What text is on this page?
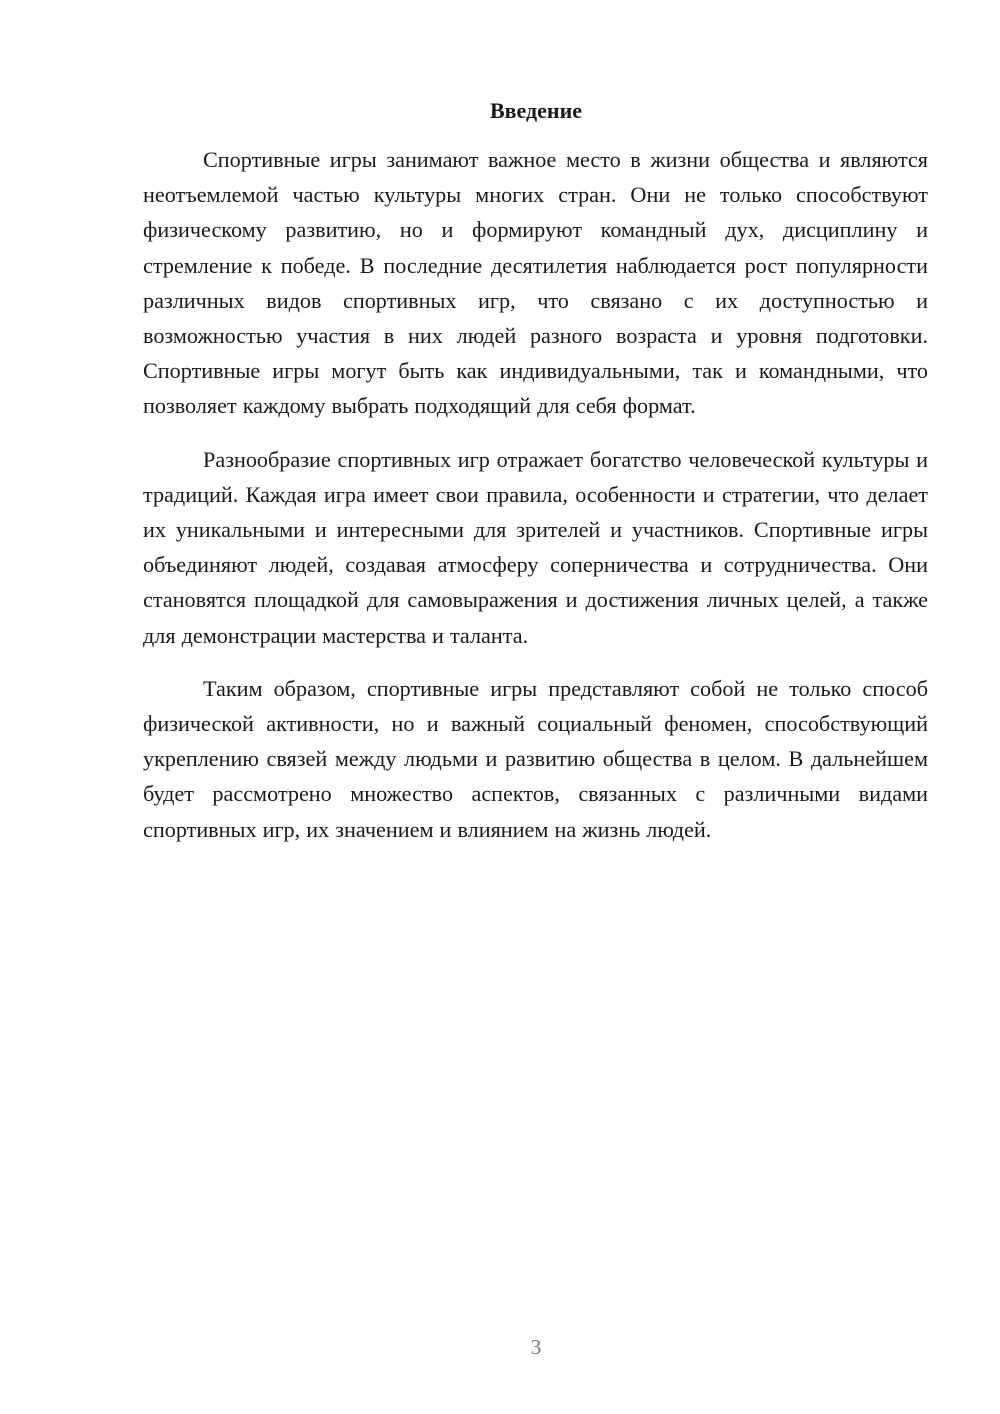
Введение

Спортивные игры занимают важное место в жизни общества и являются неотъемлемой частью культуры многих стран. Они не только способствуют физическому развитию, но и формируют командный дух, дисциплину и стремление к победе. В последние десятилетия наблюдается рост популярности различных видов спортивных игр, что связано с их доступностью и возможностью участия в них людей разного возраста и уровня подготовки. Спортивные игры могут быть как индивидуальными, так и командными, что позволяет каждому выбрать подходящий для себя формат.

Разнообразие спортивных игр отражает богатство человеческой культуры и традиций. Каждая игра имеет свои правила, особенности и стратегии, что делает их уникальными и интересными для зрителей и участников. Спортивные игры объединяют людей, создавая атмосферу соперничества и сотрудничества. Они становятся площадкой для самовыражения и достижения личных целей, а также для демонстрации мастерства и таланта.

Таким образом, спортивные игры представляют собой не только способ физической активности, но и важный социальный феномен, способствующий укреплению связей между людьми и развитию общества в целом. В дальнейшем будет рассмотрено множество аспектов, связанных с различными видами спортивных игр, их значением и влиянием на жизнь людей.

3
